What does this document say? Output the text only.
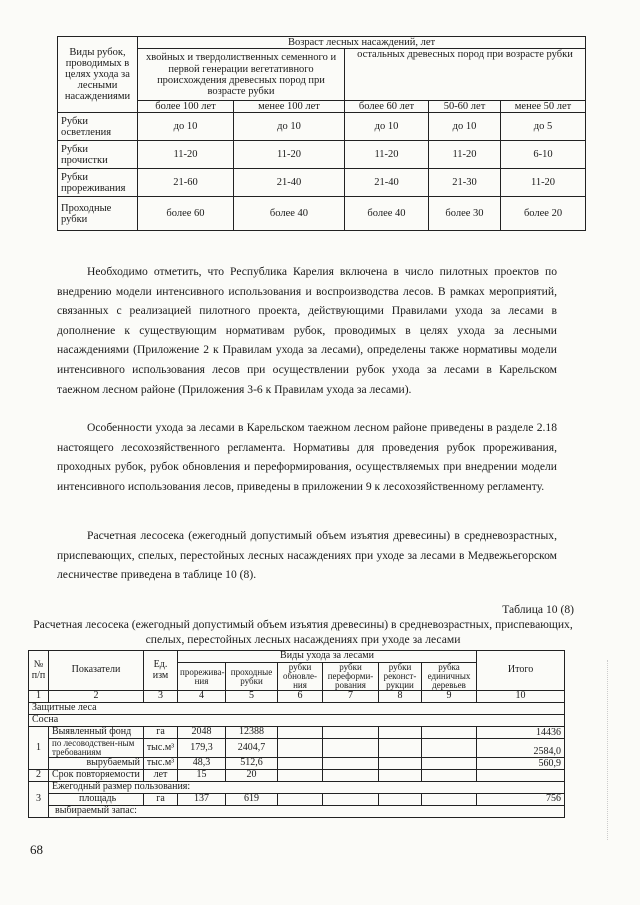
Виды рубок, проводимых в целях ухода за лесными насаждениями	Возраст лесных насаждений, лет				
	хвойных и твердолиственных семенного и первой генерации вегетативного происхождения древесных пород при возрасте рубки		остальных древесных пород при возрасте рубки		
	более 100 лет	менее 100 лет	более 60 лет	50-60 лет	менее 50 лет
Рубки осветления	до 10	до 10	до 10	до 10	до 5
Рубки прочистки	11-20	11-20	11-20	11-20	6-10
Рубки прореживания	21-60	21-40	21-40	21-30	11-20
Проходные рубки	более 60	более 40	более 40	более 30	более 20

Необходимо отметить, что Республика Карелия включена в число пилотных проектов по внедрению модели интенсивного использования и воспроизводства лесов. В рамках мероприятий, связанных с реализацией пилотного проекта, действующими Правилами ухода за лесами в дополнение к существующим нормативам рубок, проводимых в целях ухода за лесными насаждениями (Приложение 2 к Правилам ухода за лесами), определены также нормативы модели интенсивного использования лесов при осуществлении рубок ухода за лесами в Карельском таежном лесном районе (Приложения 3-6 к Правилам ухода за лесами).

Особенности ухода за лесами в Карельском таежном лесном районе приведены в разделе 2.18 настоящего лесохозяйственного регламента. Нормативы для проведения рубок прореживания, проходных рубок, рубок обновления и переформирования, осуществляемых при внедрении модели интенсивного использования лесов, приведены в приложении 9 к лесохозяйственному регламенту.

Расчетная лесосека (ежегодный допустимый объем изъятия древесины) в средневозрастных, приспевающих, спелых, перестойных лесных насаждениях при уходе за лесами в Медвежьегорском лесничестве приведена в таблице 10 (8).

Таблица 10 (8)
Расчетная лесосека (ежегодный допустимый объем изъятия древесины) в средневозрастных, приспевающих, спелых, перестойных лесных насаждениях при уходе за лесами
№ п/п	Показатели	Ед. изм	Виды ухода за лесами						Итого
			прорежива-ния	проходные рубки	рубки обновле-ния	рубки переформи-рования	рубки реконст-рукции	рубка единичных деревьев	
1	2	3	4	5	6	7	8	9	10
Защитные леса									
Сосна									
1	Выявленный фонд	га	2048	12388					14436
	по лесоводствен-ным требованиям	тыс.м³	179,3	2404,7					2584,0
	вырубаемый	тыс.м³	48,3	512,6					560,9
2	Срок повторяемости	лет	15	20					
3	Ежегодный размер пользования:								
	площадь	га	137	619					756
	выбираемый запас:								
68
